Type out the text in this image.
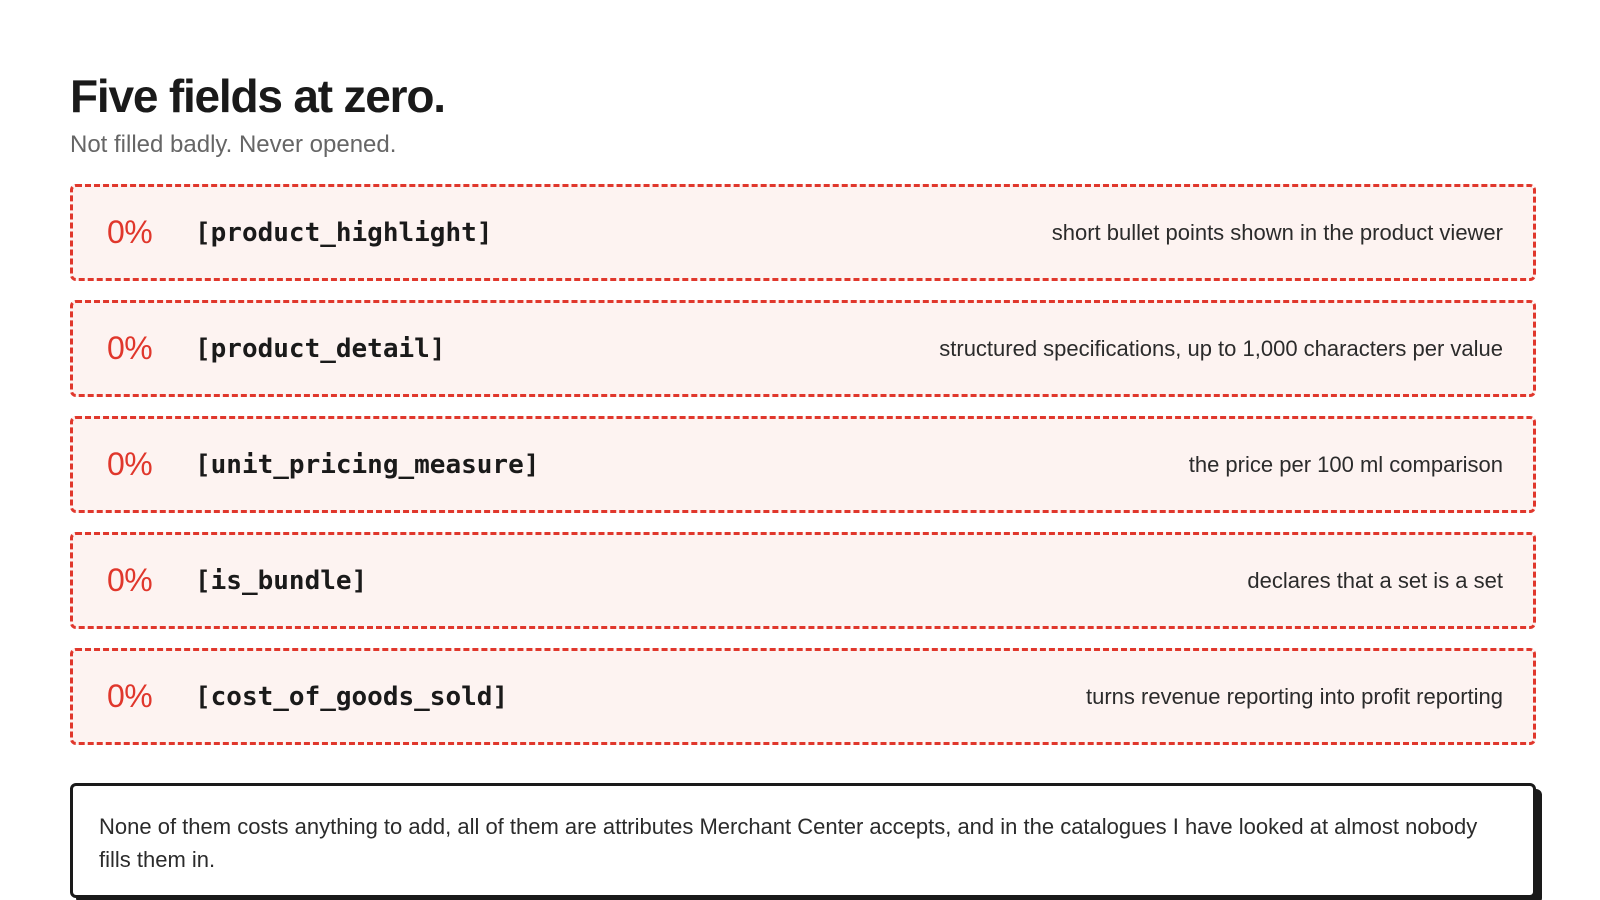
Five fields at zero.

Not filled badly. Never opened.

0%	[product_highlight]	short bullet points shown in the product viewer
0%	[product_detail]	structured specifications, up to 1,000 characters per value
0%	[unit_pricing_measure]	the price per 100 ml comparison
0%	[is_bundle]	declares that a set is a set
0%	[cost_of_goods_sold]	turns revenue reporting into profit reporting

None of them costs anything to add, all of them are attributes Merchant Center accepts, and in the catalogues I have looked at almost nobody fills them in.
